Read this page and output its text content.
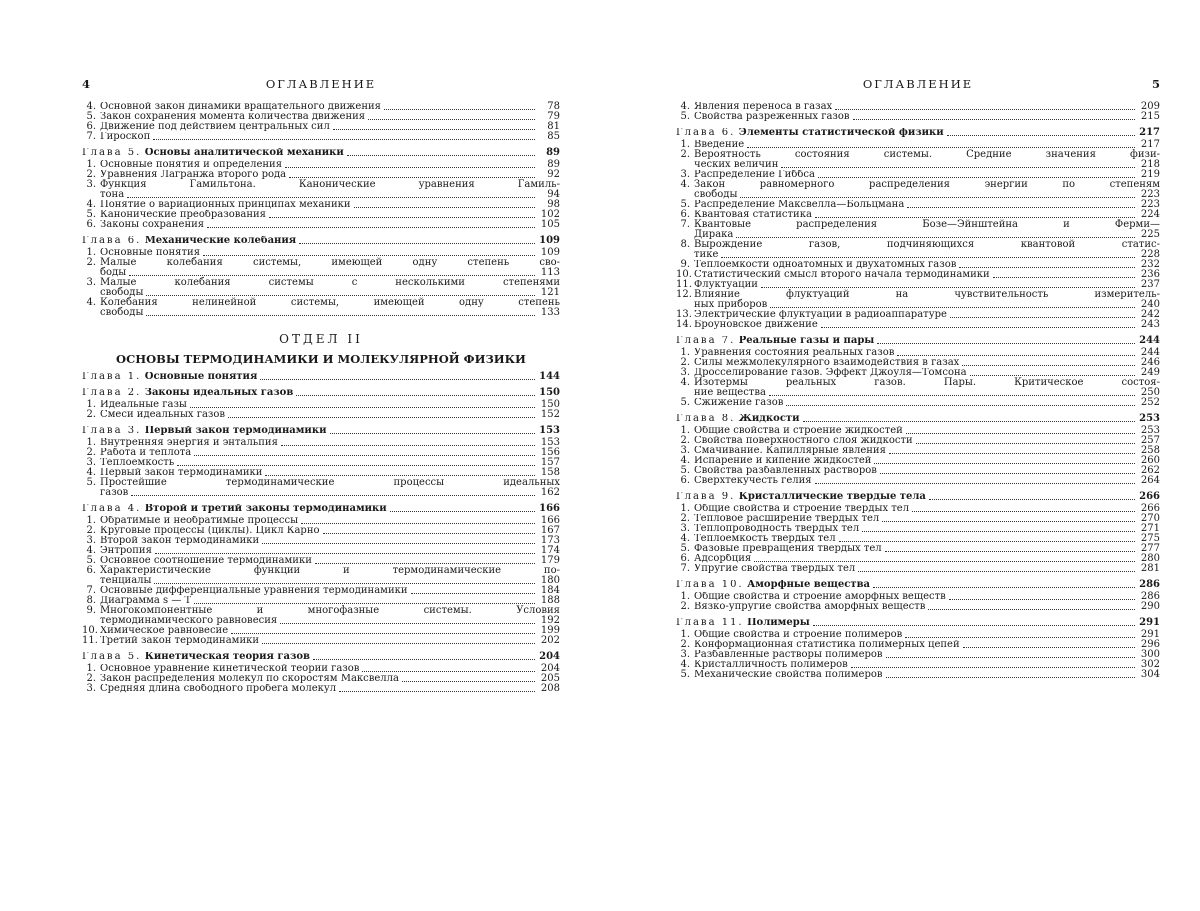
4	ОГЛАВЛЕНИЕ
4. Основной закон динамики вращательного движения	78
5. Закон сохранения момента количества движения	79
6. Движение под действием центральных сил	81
7. Гироскоп	85
Глава 5. Основы аналитической механики	89
1. Основные понятия и определения	89
2. Уравнения Лагранжа второго рода	92
3. Функция Гамильтона. Канонические уравнения Гамиль-
тона	94
4. Понятие о вариационных принципах механики	98
5. Канонические преобразования	102
6. Законы сохранения	105
Глава 6. Механические колебания	109
1. Основные понятия	109
2. Малые колебания системы, имеющей одну степень сво-
боды	113
3. Малые колебания системы с несколькими степенями
свободы	121
4. Колебания нелинейной системы, имеющей одну степень
свободы	133
ОТДЕЛ II
ОСНОВЫ ТЕРМОДИНАМИКИ И МОЛЕКУЛЯРНОЙ ФИЗИКИ
Глава 1. Основные понятия	144
Глава 2. Законы идеальных газов	150
1. Идеальные газы	150
2. Смеси идеальных газов	152
Глава 3. Первый закон термодинамики	153
1. Внутренняя энергия и энтальпия	153
2. Работа и теплота	156
3. Теплоемкость	157
4. Первый закон термодинамики	158
5. Простейшие термодинамические процессы идеальных
газов	162
Глава 4. Второй и третий законы термодинамики	166
1. Обратимые и необратимые процессы	166
2. Круговые процессы (циклы). Цикл Карно	167
3. Второй закон термодинамики	173
4. Энтропия	174
5. Основное соотношение термодинамики	179
6. Характеристические функции и термодинамические по-
тенциалы	180
7. Основные дифференциальные уравнения термодинамики	184
8. Диаграмма s — T	188
9. Многокомпонентные и многофазные системы. Условия
термодинамического равновесия	192
10. Химическое равновесие	199
11. Третий закон термодинамики	202
Глава 5. Кинетическая теория газов	204
1. Основное уравнение кинетической теории газов	204
2. Закон распределения молекул по скоростям Максвелла	205
3. Средняя длина свободного пробега молекул	208
ОГЛАВЛЕНИЕ	5
4. Явления переноса в газах	209
5. Свойства разреженных газов	215
Глава 6. Элементы статистической физики	217
1. Введение	217
2. Вероятность состояния системы. Средние значения физи-
ческих величин	218
3. Распределение Гиббса	219
4. Закон равномерного распределения энергии по степеням
свободы	223
5. Распределение Максвелла—Больцмана	223
6. Квантовая статистика	224
7. Квантовые распределения Бозе—Эйнштейна и Ферми—
Дирака	225
8. Вырождение газов, подчиняющихся квантовой статис-
тике	228
9. Теплоемкости одноатомных и двухатомных газов	232
10. Статистический смысл второго начала термодинамики	236
11. Флуктуации	237
12. Влияние флуктуаций на чувствительность измеритель-
ных приборов	240
13. Электрические флуктуации в радиоаппаратуре	242
14. Броуновское движение	243
Глава 7. Реальные газы и пары	244
1. Уравнения состояния реальных газов	244
2. Силы межмолекулярного взаимодействия в газах	246
3. Дросселирование газов. Эффект Джоуля—Томсона	249
4. Изотермы реальных газов. Пары. Критическое состоя-
ние вещества	250
5. Сжижение газов	252
Глава 8. Жидкости	253
1. Общие свойства и строение жидкостей	253
2. Свойства поверхностного слоя жидкости	257
3. Смачивание. Капиллярные явления	258
4. Испарение и кипение жидкостей	260
5. Свойства разбавленных растворов	262
6. Сверхтекучесть гелия	264
Глава 9. Кристаллические твердые тела	266
1. Общие свойства и строение твердых тел	266
2. Тепловое расширение твердых тел	270
3. Теплопроводность твердых тел	271
4. Теплоемкость твердых тел	275
5. Фазовые превращения твердых тел	277
6. Адсорбция	280
7. Упругие свойства твердых тел	281
Глава 10. Аморфные вещества	286
1. Общие свойства и строение аморфных веществ	286
2. Вязко-упругие свойства аморфных веществ	290
Глава 11. Полимеры	291
1. Общие свойства и строение полимеров	291
2. Конформационная статистика полимерных цепей	296
3. Разбавленные растворы полимеров	300
4. Кристалличность полимеров	302
5. Механические свойства полимеров	304
